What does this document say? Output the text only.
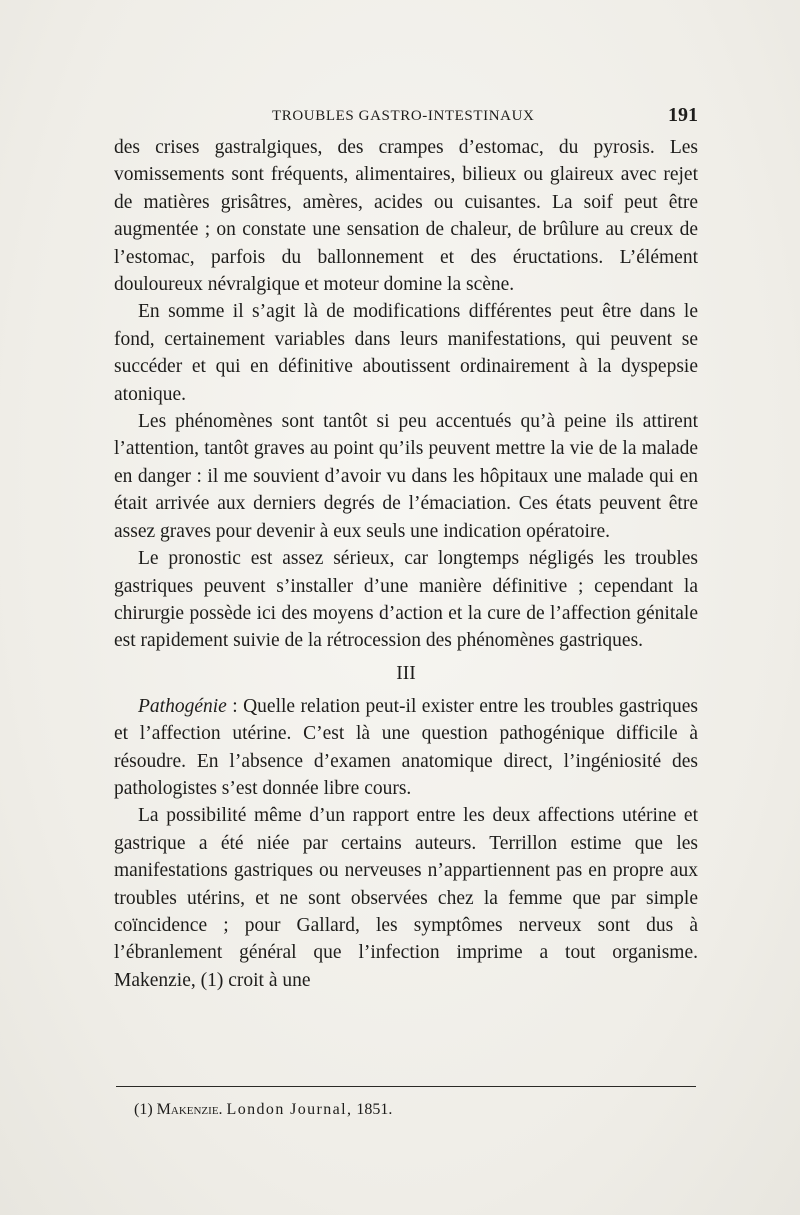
TROUBLES GASTRO-INTESTINAUX	191

des crises gastralgiques, des crampes d’estomac, du pyrosis. Les vomissements sont fréquents, alimentaires, bilieux ou glaireux avec rejet de matières grisâtres, amères, acides ou cuisantes. La soif peut être augmentée ; on constate une sensation de chaleur, de brûlure au creux de l’estomac, parfois du ballonnement et des éructations. L’élément douloureux névralgique et moteur domine la scène.

En somme il s’agit là de modifications différentes peut être dans le fond, certainement variables dans leurs manifestations, qui peuvent se succéder et qui en définitive aboutissent ordinairement à la dyspepsie atonique.

Les phénomènes sont tantôt si peu accentués qu’à peine ils attirent l’attention, tantôt graves au point qu’ils peuvent mettre la vie de la malade en danger : il me souvient d’avoir vu dans les hôpitaux une malade qui en était arrivée aux derniers degrés de l’émaciation. Ces états peuvent être assez graves pour devenir à eux seuls une indication opératoire.

Le pronostic est assez sérieux, car longtemps négligés les troubles gastriques peuvent s’installer d’une manière définitive ; cependant la chirurgie possède ici des moyens d’action et la cure de l’affection génitale est rapidement suivie de la rétrocession des phénomènes gastriques.

III

Pathogénie : Quelle relation peut-il exister entre les troubles gastriques et l’affection utérine. C’est là une question pathogénique difficile à résoudre. En l’absence d’examen anatomique direct, l’ingéniosité des pathologistes s’est donnée libre cours.

La possibilité même d’un rapport entre les deux affections utérine et gastrique a été niée par certains auteurs. Terrillon estime que les manifestations gastriques ou nerveuses n’appartiennent pas en propre aux troubles utérins, et ne sont observées chez la femme que par simple coïncidence ; pour Gallard, les symptômes nerveux sont dus à l’ébranlement général que l’infection imprime a tout organisme. Makenzie, (1) croit à une

(1) Makenzie. London Journal, 1851.
